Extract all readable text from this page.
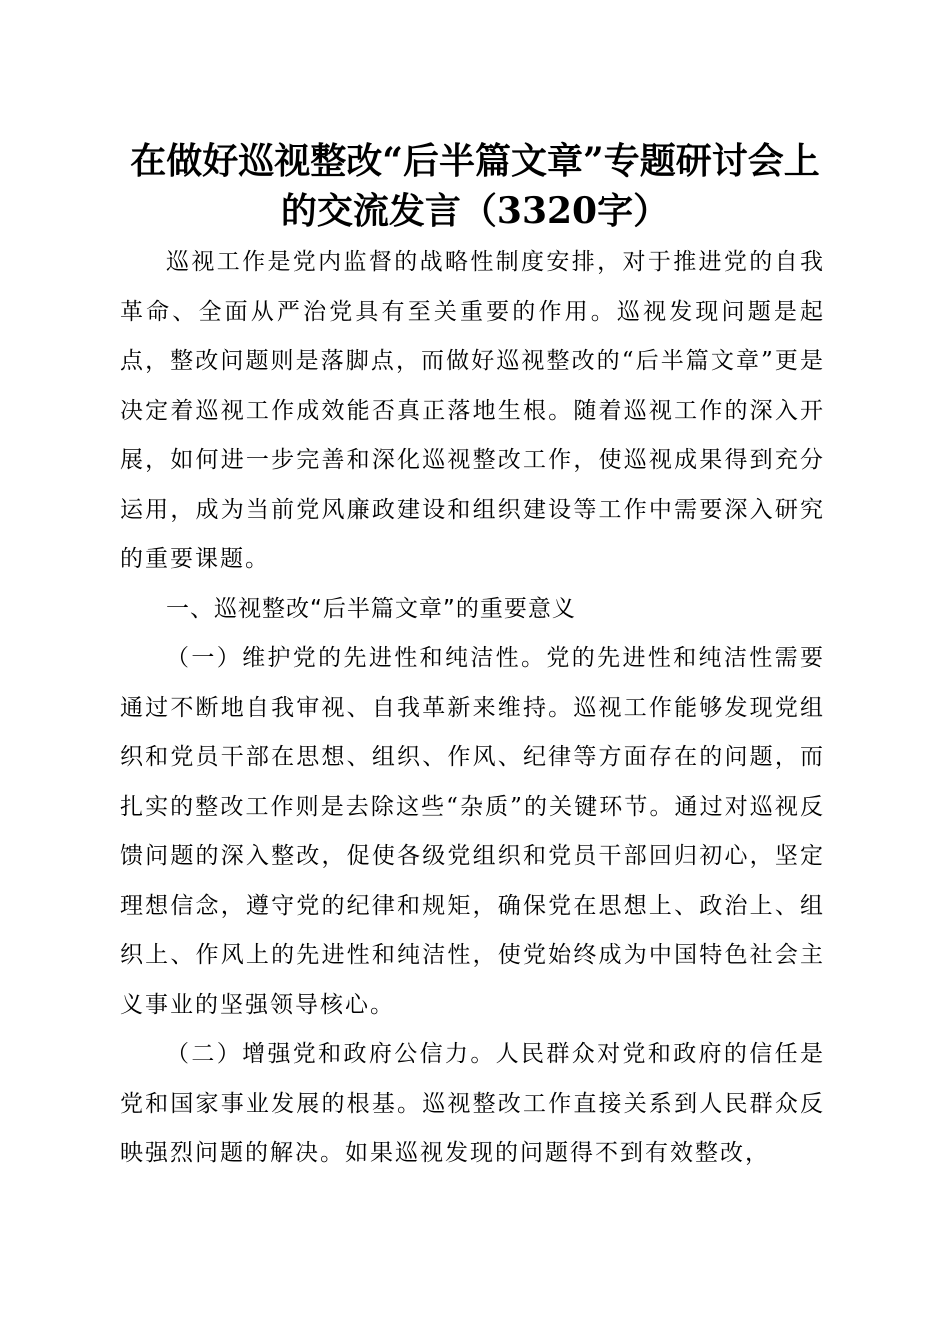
在做好巡视整改“后半篇文章”专题研讨会上
的交流发言（3320字）

巡视工作是党内监督的战略性制度安排，对于推进党的自我革命、全面从严治党具有至关重要的作用。巡视发现问题是起点，整改问题则是落脚点，而做好巡视整改的“后半篇文章”更是决定着巡视工作成效能否真正落地生根。随着巡视工作的深入开展，如何进一步完善和深化巡视整改工作，使巡视成果得到充分运用，成为当前党风廉政建设和组织建设等工作中需要深入研究的重要课题。

一、巡视整改“后半篇文章”的重要意义

（一）维护党的先进性和纯洁性。党的先进性和纯洁性需要通过不断地自我审视、自我革新来维持。巡视工作能够发现党组织和党员干部在思想、组织、作风、纪律等方面存在的问题，而扎实的整改工作则是去除这些“杂质”的关键环节。通过对巡视反馈问题的深入整改，促使各级党组织和党员干部回归初心，坚定理想信念，遵守党的纪律和规矩，确保党在思想上、政治上、组织上、作风上的先进性和纯洁性，使党始终成为中国特色社会主义事业的坚强领导核心。

（二）增强党和政府公信力。人民群众对党和政府的信任是党和国家事业发展的根基。巡视整改工作直接关系到人民群众反映强烈问题的解决。如果巡视发现的问题得不到有效整改，
